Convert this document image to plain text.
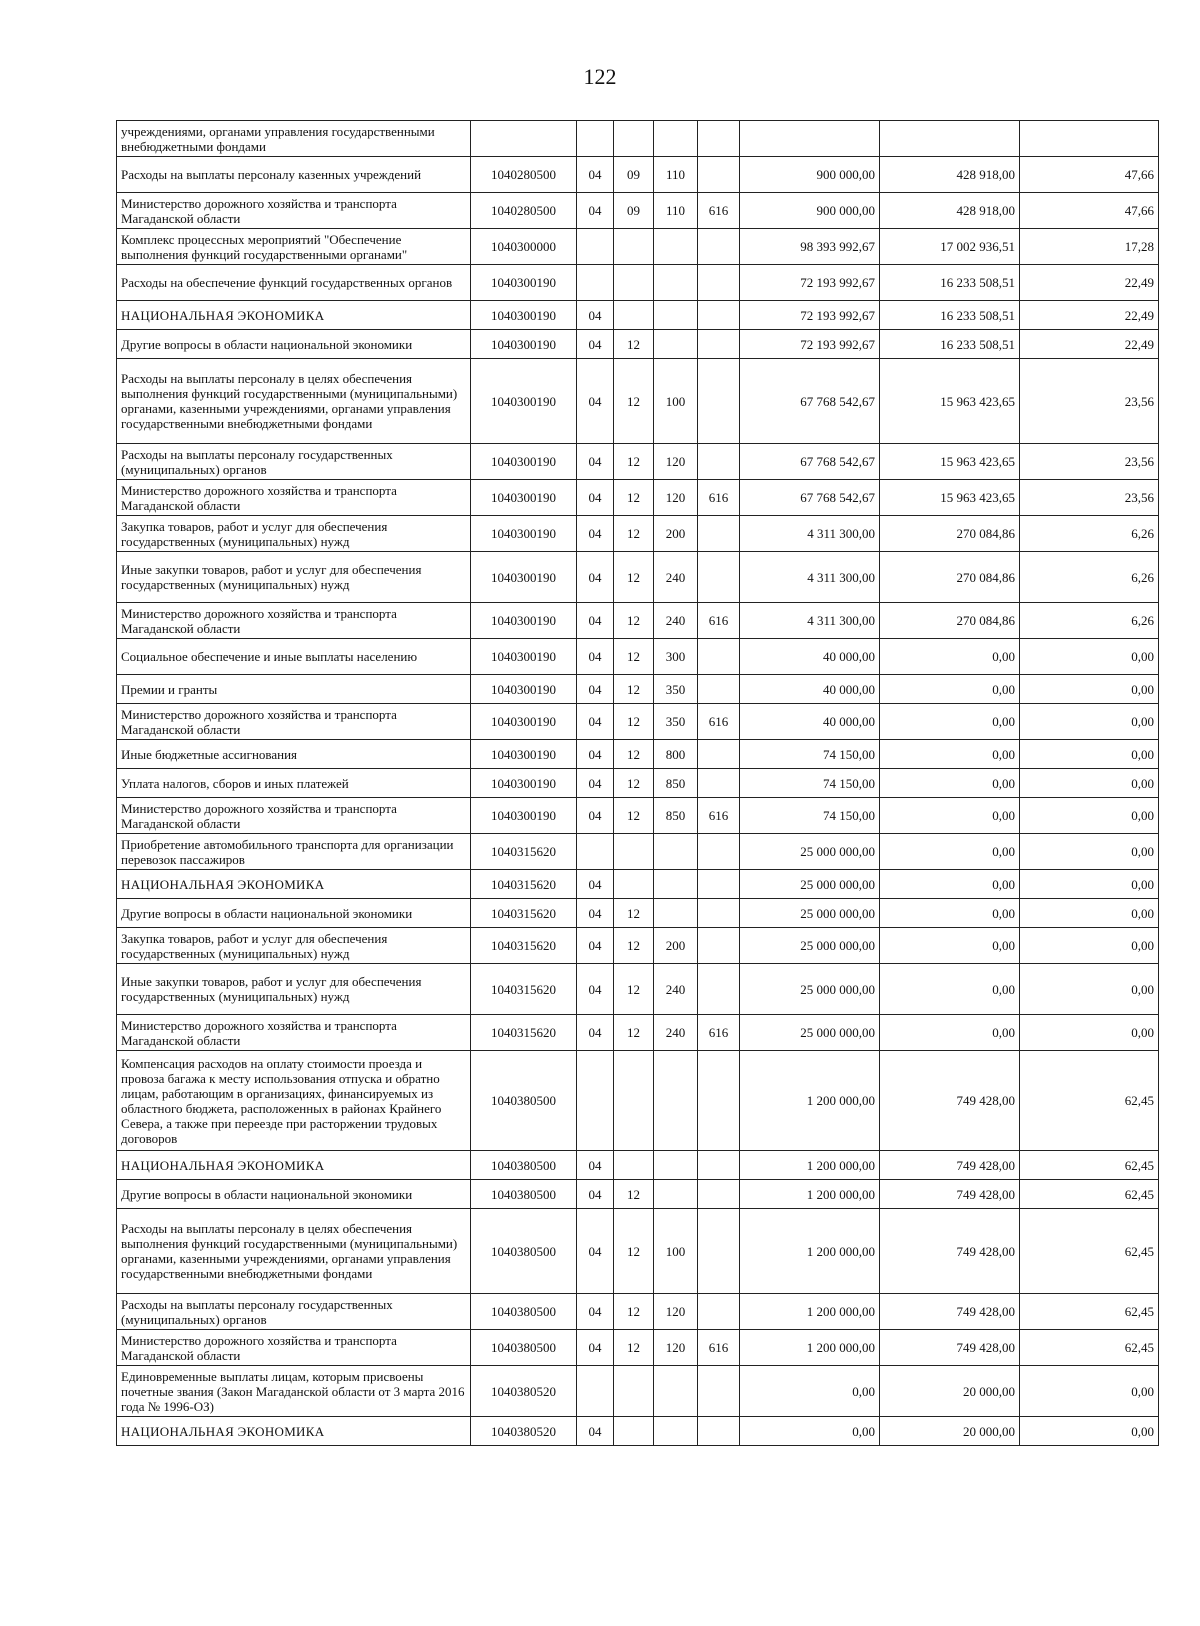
122
учреждениями, органами управления государственными внебюджетными фондами								
Расходы на выплаты персоналу казенных учреждений	1040280500	04	09	110		900 000,00	428 918,00	47,66
Министерство дорожного хозяйства и транспорта Магаданской области	1040280500	04	09	110	616	900 000,00	428 918,00	47,66
Комплекс процессных мероприятий "Обеспечение выполнения функций государственными органами"	1040300000					98 393 992,67	17 002 936,51	17,28
Расходы на обеспечение функций государственных органов	1040300190					72 193 992,67	16 233 508,51	22,49
НАЦИОНАЛЬНАЯ ЭКОНОМИКА	1040300190	04				72 193 992,67	16 233 508,51	22,49
Другие вопросы в области национальной экономики	1040300190	04	12			72 193 992,67	16 233 508,51	22,49
Расходы на выплаты персоналу в целях обеспечения выполнения функций государственными (муниципальными) органами, казенными учреждениями, органами управления государственными внебюджетными фондами	1040300190	04	12	100		67 768 542,67	15 963 423,65	23,56
Расходы на выплаты персоналу государственных (муниципальных) органов	1040300190	04	12	120		67 768 542,67	15 963 423,65	23,56
Министерство дорожного хозяйства и транспорта Магаданской области	1040300190	04	12	120	616	67 768 542,67	15 963 423,65	23,56
Закупка товаров, работ и услуг для обеспечения государственных (муниципальных) нужд	1040300190	04	12	200		4 311 300,00	270 084,86	6,26
Иные закупки товаров, работ и услуг для обеспечения государственных (муниципальных) нужд	1040300190	04	12	240		4 311 300,00	270 084,86	6,26
Министерство дорожного хозяйства и транспорта Магаданской области	1040300190	04	12	240	616	4 311 300,00	270 084,86	6,26
Социальное обеспечение и иные выплаты населению	1040300190	04	12	300		40 000,00	0,00	0,00
Премии и гранты	1040300190	04	12	350		40 000,00	0,00	0,00
Министерство дорожного хозяйства и транспорта Магаданской области	1040300190	04	12	350	616	40 000,00	0,00	0,00
Иные бюджетные ассигнования	1040300190	04	12	800		74 150,00	0,00	0,00
Уплата налогов, сборов и иных платежей	1040300190	04	12	850		74 150,00	0,00	0,00
Министерство дорожного хозяйства и транспорта Магаданской области	1040300190	04	12	850	616	74 150,00	0,00	0,00
Приобретение автомобильного транспорта для организации перевозок пассажиров	1040315620					25 000 000,00	0,00	0,00
НАЦИОНАЛЬНАЯ ЭКОНОМИКА	1040315620	04				25 000 000,00	0,00	0,00
Другие вопросы в области национальной экономики	1040315620	04	12			25 000 000,00	0,00	0,00
Закупка товаров, работ и услуг для обеспечения государственных (муниципальных) нужд	1040315620	04	12	200		25 000 000,00	0,00	0,00
Иные закупки товаров, работ и услуг для обеспечения государственных (муниципальных) нужд	1040315620	04	12	240		25 000 000,00	0,00	0,00
Министерство дорожного хозяйства и транспорта Магаданской области	1040315620	04	12	240	616	25 000 000,00	0,00	0,00
Компенсация расходов на оплату стоимости проезда и провоза багажа к месту использования отпуска и обратно лицам, работающим в организациях, финансируемых из областного бюджета, расположенных в районах Крайнего Севера, а также при переезде при расторжении трудовых договоров	1040380500					1 200 000,00	749 428,00	62,45
НАЦИОНАЛЬНАЯ ЭКОНОМИКА	1040380500	04				1 200 000,00	749 428,00	62,45
Другие вопросы в области национальной экономики	1040380500	04	12			1 200 000,00	749 428,00	62,45
Расходы на выплаты персоналу в целях обеспечения выполнения функций государственными (муниципальными) органами, казенными учреждениями, органами управления государственными внебюджетными фондами	1040380500	04	12	100		1 200 000,00	749 428,00	62,45
Расходы на выплаты персоналу государственных (муниципальных) органов	1040380500	04	12	120		1 200 000,00	749 428,00	62,45
Министерство дорожного хозяйства и транспорта Магаданской области	1040380500	04	12	120	616	1 200 000,00	749 428,00	62,45
Единовременные выплаты лицам, которым присвоены почетные звания (Закон Магаданской области от 3 марта 2016 года № 1996-ОЗ)	1040380520					0,00	20 000,00	0,00
НАЦИОНАЛЬНАЯ ЭКОНОМИКА	1040380520	04				0,00	20 000,00	0,00
